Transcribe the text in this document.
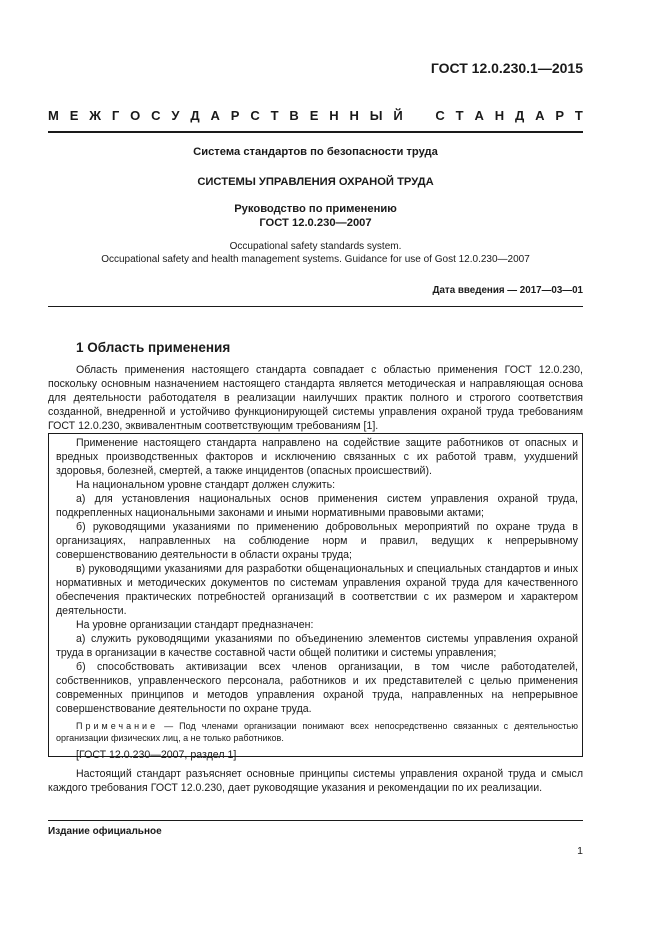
ГОСТ 12.0.230.1—2015
М Е Ж Г О С У Д А Р С Т В Е Н Н Ы Й	С Т А Н Д А Р Т
Система стандартов по безопасности труда
СИСТЕМЫ УПРАВЛЕНИЯ ОХРАНОЙ ТРУДА
Руководство по применению
ГОСТ 12.0.230—2007
Occupational safety standards system.
Occupational safety and health management systems. Guidance for use of Gost 12.0.230—2007
Дата введения — 2017—03—01
1 Область применения
Область применения настоящего стандарта совпадает с областью применения ГОСТ 12.0.230, поскольку основным назначением настоящего стандарта является методическая и направляющая основа для деятельности работодателя в реализации наилучших практик полного и строгого соответствия созданной, внедренной и устойчиво функционирующей системы управления охраной труда требованиям ГОСТ 12.0.230, эквивалентным соответствующим требованиям [1].

Применение настоящего стандарта направлено на содействие защите работников от опасных и вредных производственных факторов и исключению связанных с их работой травм, ухудшений здоровья, болезней, смертей, а также инцидентов (опасных происшествий).

На национальном уровне стандарт должен служить:

а) для установления национальных основ применения систем управления охраной труда, подкрепленных национальными законами и иными нормативными правовыми актами;

б) руководящими указаниями по применению добровольных мероприятий по охране труда в организациях, направленных на соблюдение норм и правил, ведущих к непрерывному совершенствованию деятельности в области охраны труда;

в) руководящими указаниями для разработки общенациональных и специальных стандартов и иных нормативных и методических документов по системам управления охраной труда для качественного обеспечения практических потребностей организаций в соответствии с их размером и характером деятельности.

На уровне организации стандарт предназначен:

а) служить руководящими указаниями по объединению элементов системы управления охраной труда в организации в качестве составной части общей политики и системы управления;

б) способствовать активизации всех членов организации, в том числе работодателей, собственников, управленческого персонала, работников и их представителей с целью применения современных принципов и методов управления охраной труда, направленных на непрерывное совершенствование деятельности по охране труда.

Примечание — Под членами организации понимают всех непосредственно связанных с деятельностью организации физических лиц, а не только работников.

[ГОСТ 12.0.230—2007, раздел 1]

Настоящий стандарт разъясняет основные принципы системы управления охраной труда и смысл каждого требования ГОСТ 12.0.230, дает руководящие указания и рекомендации по их реализации.
Издание официальное
1
